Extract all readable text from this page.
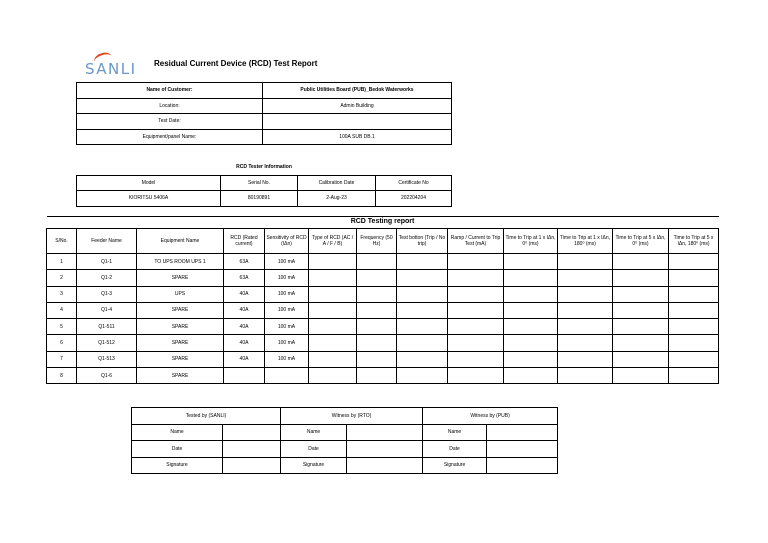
SANLI Residual Current Device (RCD) Test Report
Name of Customer:	Public Utilities Board (PUB)_Bedok Waterworks
Location:	Admin Building
Test Date:	
Equipment/panel Name:	100A SUB DB.1
RCD Tester Information			
Model	Serial No.	Calibration Date	Certificate No
KIORITSU 5406A	80190891	2-Aug-23	202204204
RCD Testing report												
S/No.	Feeder Name	Equipment Name	RCD (Rated current)	Sensitivity of RCD (IΔn)	Type of RCD (AC / A / F / B)	Frequency (50 Hz)	Test botton (Trip / No trip)	Ramp / Current to Trip Test (mA)	Time to Trip at 1 x IΔn, 0⁰ (ms)	Time to Trip at 1 x IΔn, 180⁰ (ms)	Time to Trip at 5 x IΔn, 0⁰ (ms)	Time to Trip at 5 x IΔn, 180⁰ (ms)
1	Q1-1	TO UPS ROOM UPS 1	63A	100 mA								
2	Q1-2	SPARE	63A	100 mA								
3	Q1-3	UPS	40A	100 mA								
4	Q1-4	SPARE	40A	100 mA								
5	Q1-511	SPARE	40A	100 mA								
6	Q1-512	SPARE	40A	100 mA								
7	Q1-513	SPARE	40A	100 mA								
8	Q1-6	SPARE										
Tested by (SANLI)		Witness by (RTO)		Witness by (PUB)	
Name		Name		Name	
Date		Date		Date	
Signature		Signature		Signature	
